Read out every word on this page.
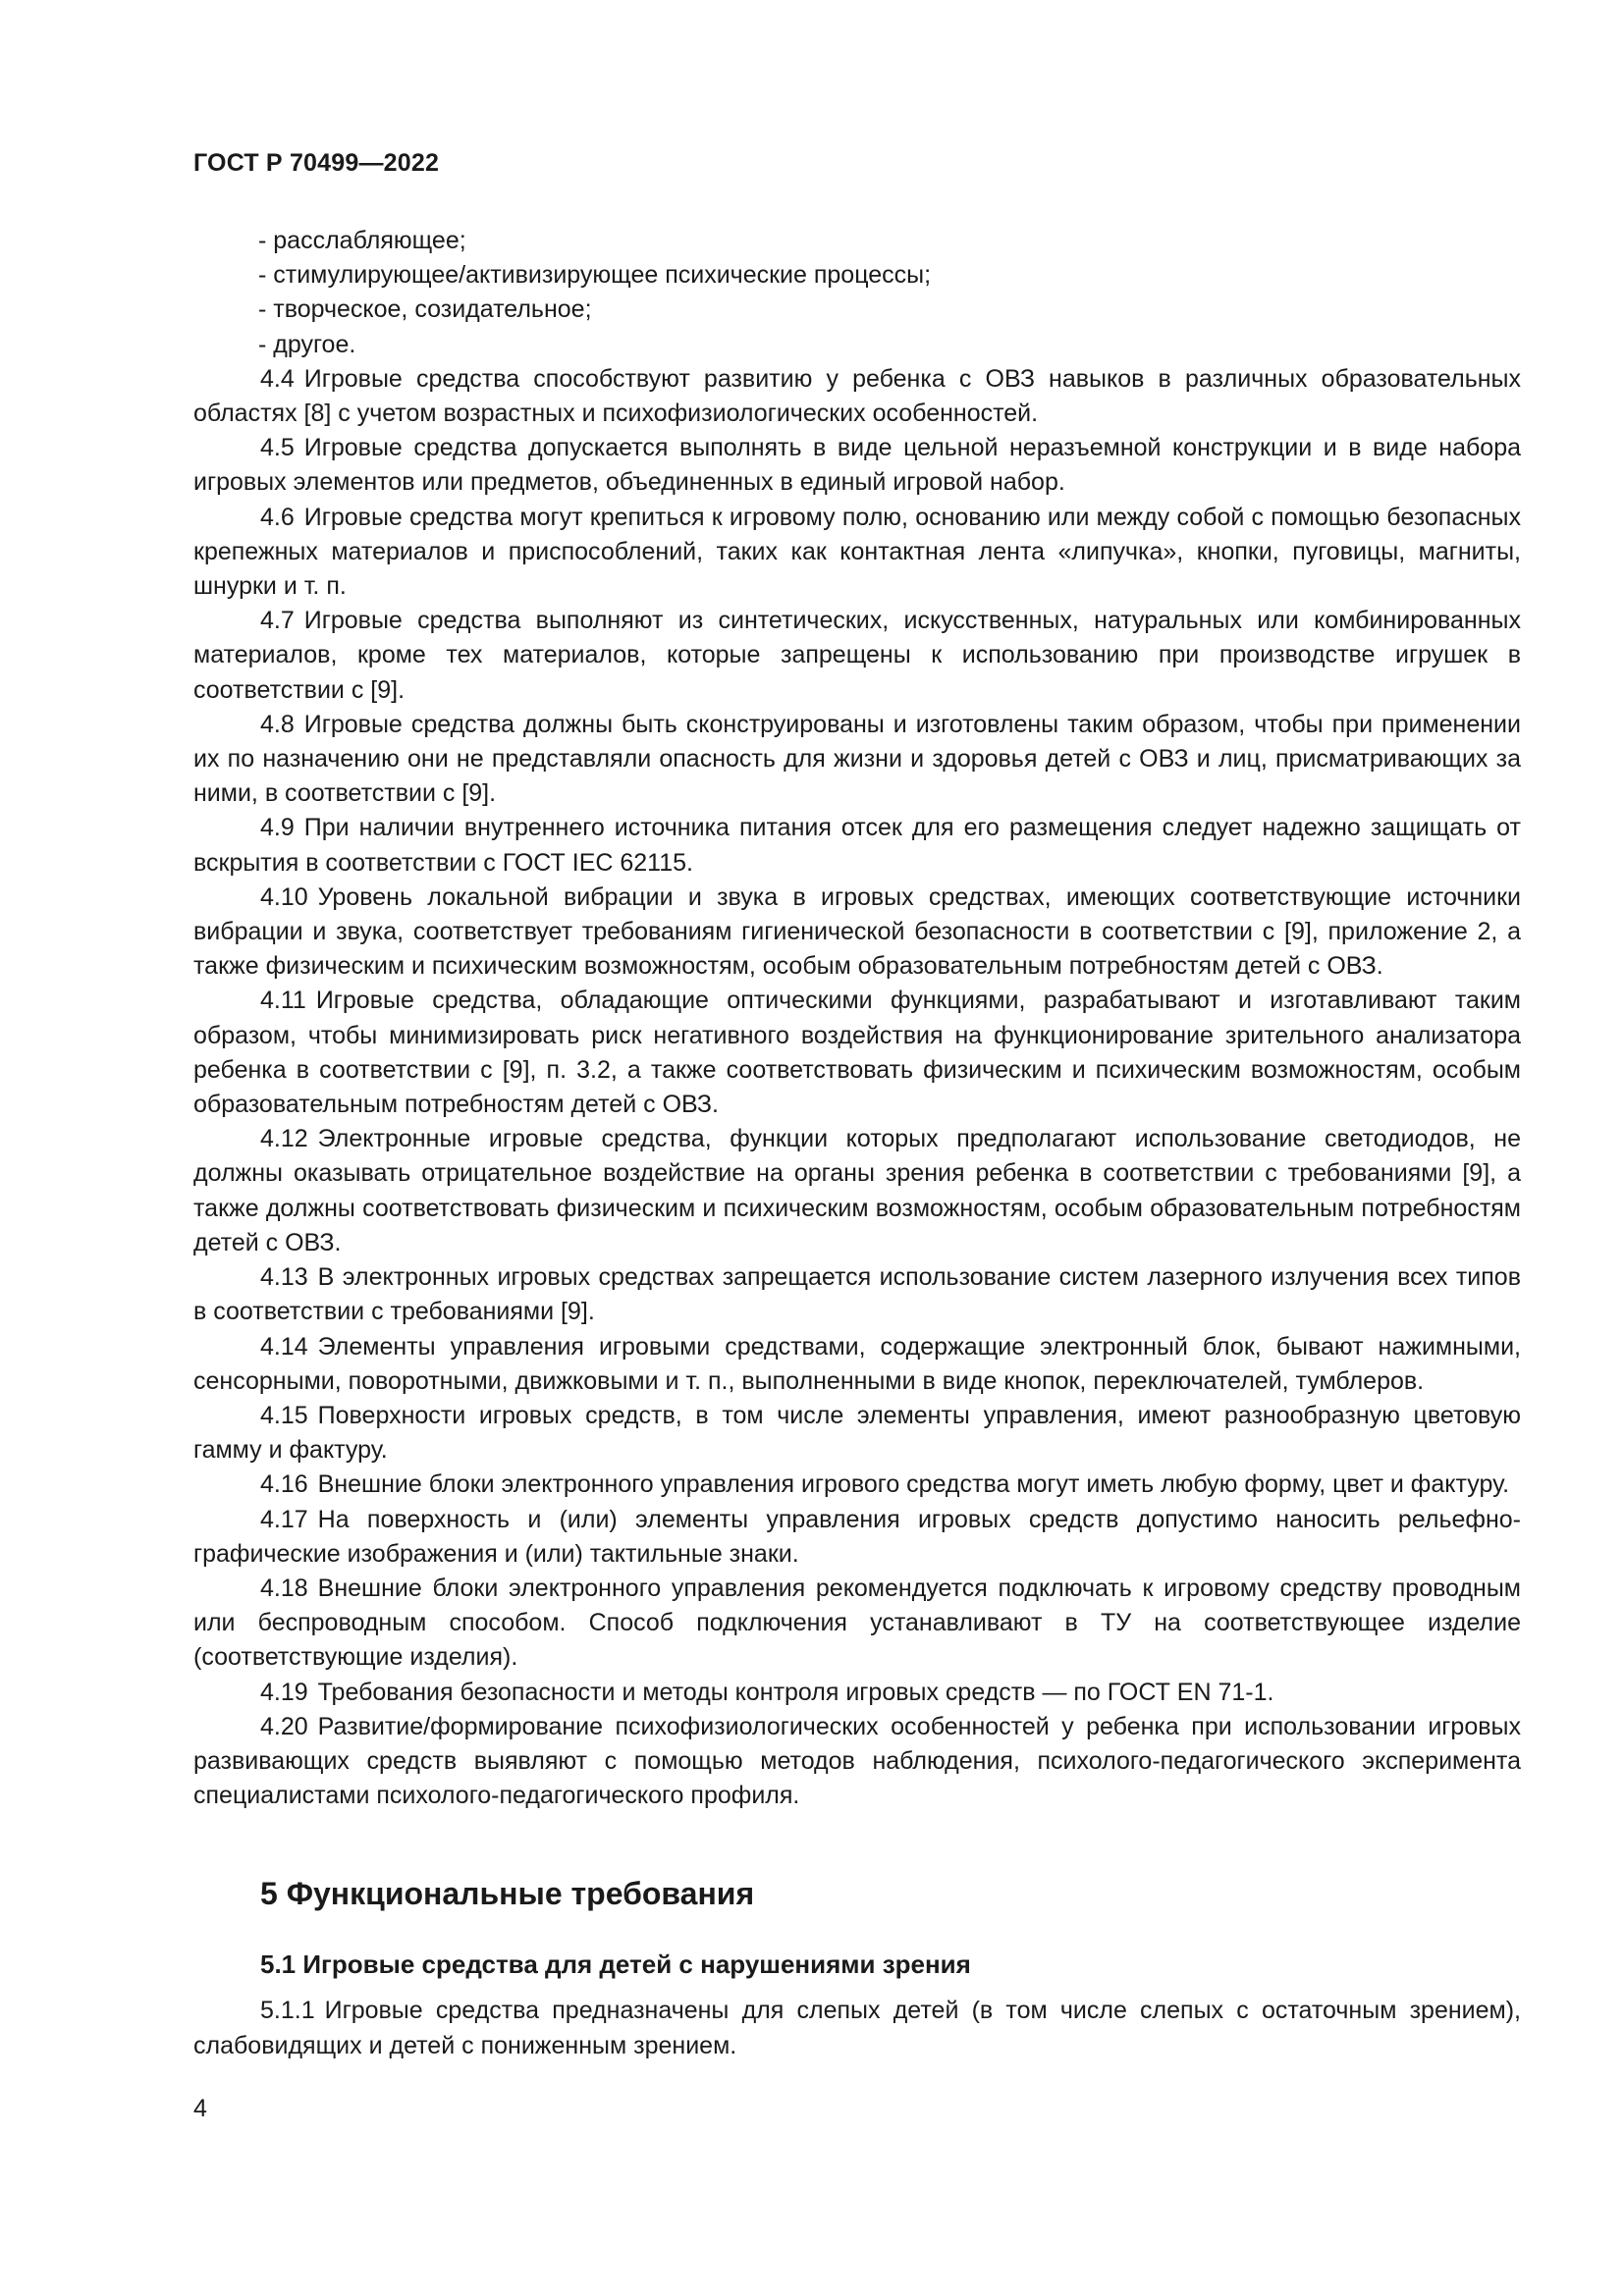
ГОСТ Р 70499—2022

- расслабляющее;

- стимулирующее/активизирующее психические процессы;

- творческое, созидательное;

- другое.

4.4 Игровые средства способствуют развитию у ребенка с ОВЗ навыков в различных образовательных областях [8] с учетом возрастных и психофизиологических особенностей.

4.5 Игровые средства допускается выполнять в виде цельной неразъемной конструкции и в виде набора игровых элементов или предметов, объединенных в единый игровой набор.

4.6 Игровые средства могут крепиться к игровому полю, основанию или между собой с помощью безопасных крепежных материалов и приспособлений, таких как контактная лента «липучка», кнопки, пуговицы, магниты, шнурки и т. п.

4.7 Игровые средства выполняют из синтетических, искусственных, натуральных или комбинированных материалов, кроме тех материалов, которые запрещены к использованию при производстве игрушек в соответствии с [9].

4.8 Игровые средства должны быть сконструированы и изготовлены таким образом, чтобы при применении их по назначению они не представляли опасность для жизни и здоровья детей с ОВЗ и лиц, присматривающих за ними, в соответствии с [9].

4.9 При наличии внутреннего источника питания отсек для его размещения следует надежно защищать от вскрытия в соответствии с ГОСТ IEC 62115.

4.10 Уровень локальной вибрации и звука в игровых средствах, имеющих соответствующие источники вибрации и звука, соответствует требованиям гигиенической безопасности в соответствии с [9], приложение 2, а также физическим и психическим возможностям, особым образовательным потребностям детей с ОВЗ.

4.11 Игровые средства, обладающие оптическими функциями, разрабатывают и изготавливают таким образом, чтобы минимизировать риск негативного воздействия на функционирование зрительного анализатора ребенка в соответствии с [9], п. 3.2, а также соответствовать физическим и психическим возможностям, особым образовательным потребностям детей с ОВЗ.

4.12 Электронные игровые средства, функции которых предполагают использование светодиодов, не должны оказывать отрицательное воздействие на органы зрения ребенка в соответствии с требованиями [9], а также должны соответствовать физическим и психическим возможностям, особым образовательным потребностям детей с ОВЗ.

4.13 В электронных игровых средствах запрещается использование систем лазерного излучения всех типов в соответствии с требованиями [9].

4.14 Элементы управления игровыми средствами, содержащие электронный блок, бывают нажимными, сенсорными, поворотными, движковыми и т. п., выполненными в виде кнопок, переключателей, тумблеров.

4.15 Поверхности игровых средств, в том числе элементы управления, имеют разнообразную цветовую гамму и фактуру.

4.16 Внешние блоки электронного управления игрового средства могут иметь любую форму, цвет и фактуру.

4.17 На поверхность и (или) элементы управления игровых средств допустимо наносить рельефно-графические изображения и (или) тактильные знаки.

4.18 Внешние блоки электронного управления рекомендуется подключать к игровому средству проводным или беспроводным способом. Способ подключения устанавливают в ТУ на соответствующее изделие (соответствующие изделия).

4.19 Требования безопасности и методы контроля игровых средств — по ГОСТ EN 71-1.

4.20 Развитие/формирование психофизиологических особенностей у ребенка при использовании игровых развивающих средств выявляют с помощью методов наблюдения, психолого-педагогического эксперимента специалистами психолого-педагогического профиля.

5 Функциональные требования
5.1 Игровые средства для детей с нарушениями зрения

5.1.1 Игровые средства предназначены для слепых детей (в том числе слепых с остаточным зрением), слабовидящих и детей с пониженным зрением.

4
